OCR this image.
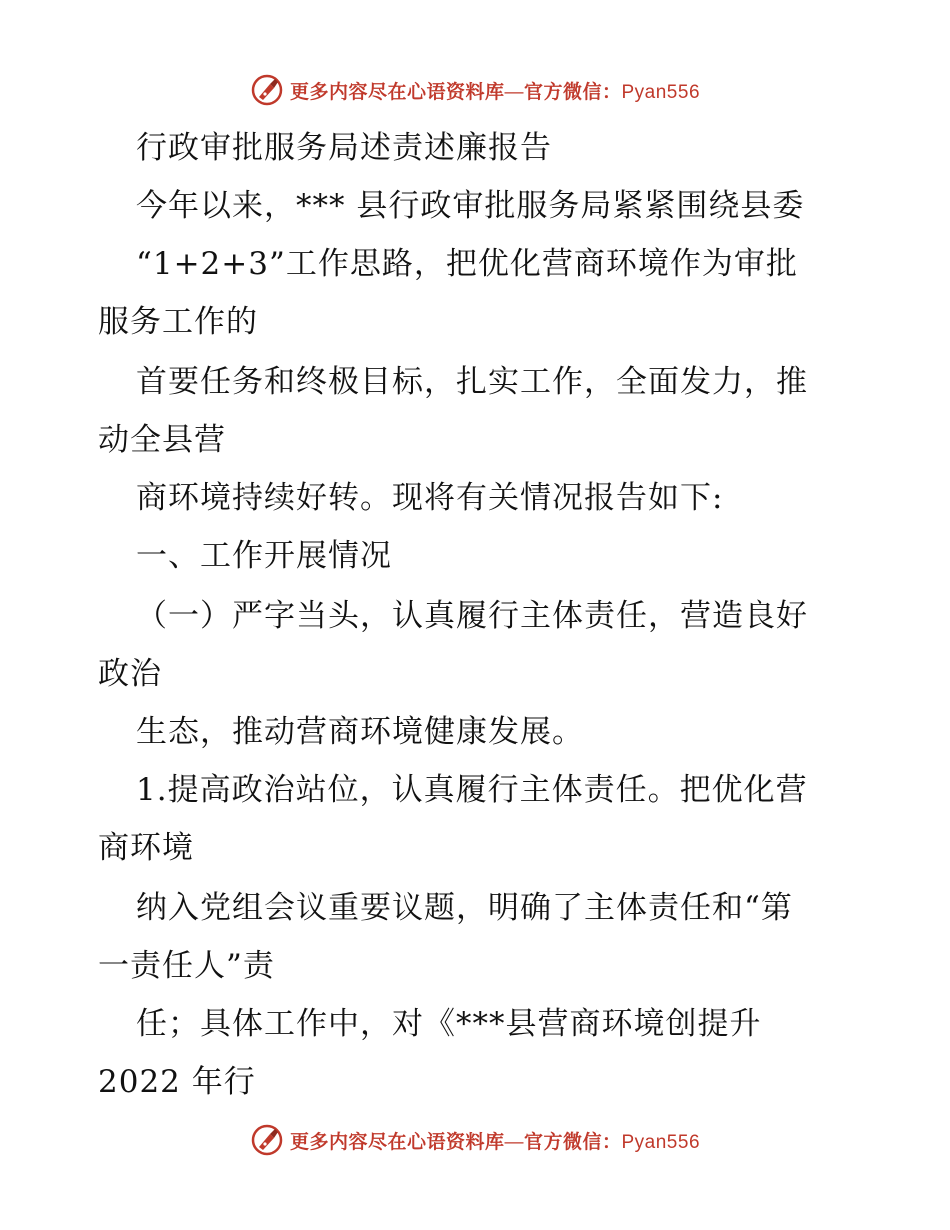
更多内容尽在心语资料库—官方微信：Pyan556
行政审批服务局述责述廉报告
今年以来，*** 县行政审批服务局紧紧围绕县委
“1+2+3”工作思路，把优化营商环境作为审批
服务工作的
首要任务和终极目标，扎实工作，全面发力，推
动全县营
商环境持续好转。现将有关情况报告如下:
一、工作开展情况
（一）严字当头，认真履行主体责任，营造良好
政治
生态，推动营商环境健康发展。
1.提高政治站位，认真履行主体责任。把优化营
商环境
纳入党组会议重要议题，明确了主体责任和“第
一责任人”责
任；具体工作中，对《***县营商环境创提升
2022 年行
更多内容尽在心语资料库—官方微信：Pyan556
